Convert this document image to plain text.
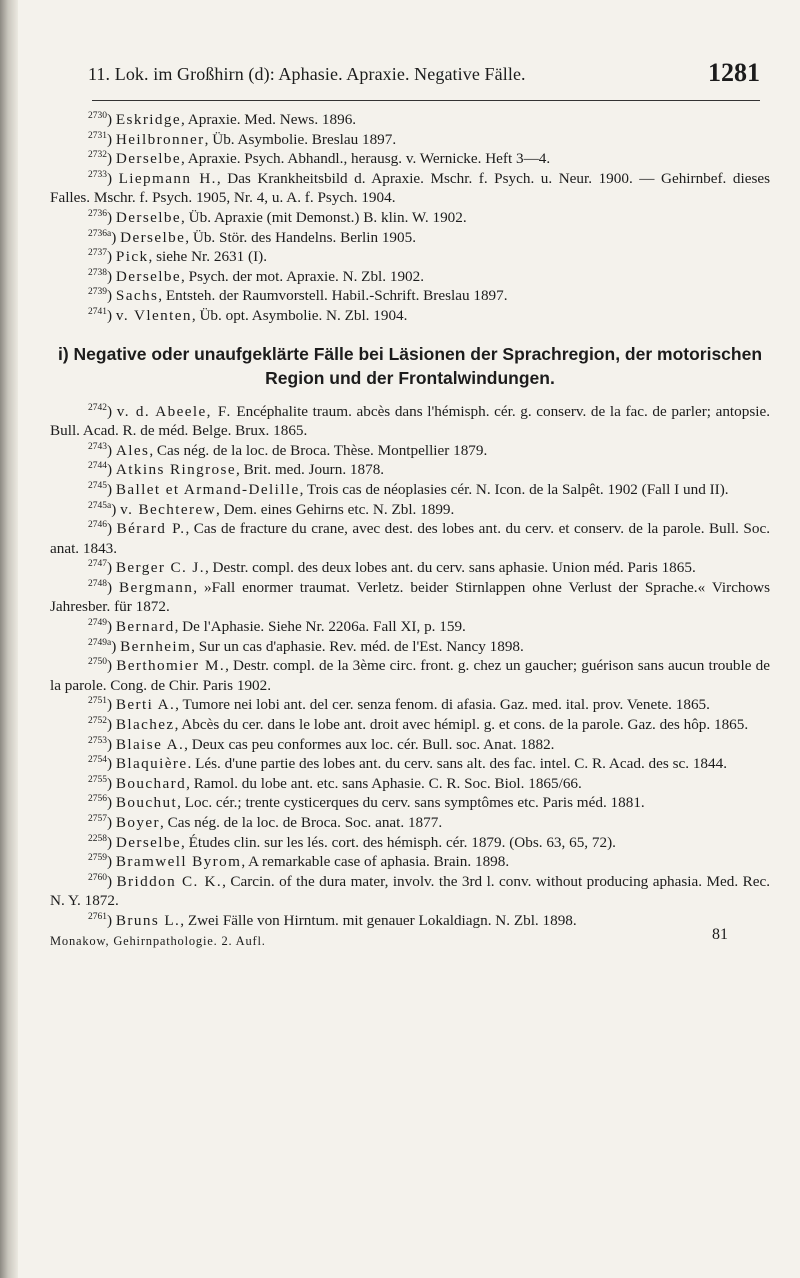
11. Lok. im Großhirn (d): Aphasie. Apraxie. Negative Fälle.	1281

$^{2730}$) Eskridge, Apraxie. Med. News. 1896.

$^{2731}$) Heilbronner, Üb. Asymbolie. Breslau 1897.

$^{2732}$) Derselbe, Apraxie. Psych. Abhandl., herausg. v. Wernicke. Heft 3—4.

$^{2733}$) Liepmann H., Das Krankheitsbild d. Apraxie. Mschr. f. Psych. u. Neur. 1900. — Gehirnbef. dieses Falles. Mschr. f. Psych. 1905, Nr. 4, u. A. f. Psych. 1904.

$^{2736}$) Derselbe, Üb. Apraxie (mit Demonst.) B. klin. W. 1902.

$^{2736a}$) Derselbe, Üb. Stör. des Handelns. Berlin 1905.

$^{2737}$) Pick, siehe Nr. 2631 (I).

$^{2738}$) Derselbe, Psych. der mot. Apraxie. N. Zbl. 1902.

$^{2739}$) Sachs, Entsteh. der Raumvorstell. Habil.-Schrift. Breslau 1897.

$^{2741}$) v. Vlenten, Üb. opt. Asymbolie. N. Zbl. 1904.

i) Negative oder unaufgeklärte Fälle bei Läsionen der Sprachregion, der motorischen Region und der Frontalwindungen.

$^{2742}$) v. d. Abeele, F. Encéphalite traum. abcès dans l'hémisph. cér. g. conserv. de la fac. de parler; antopsie. Bull. Acad. R. de méd. Belge. Brux. 1865.

$^{2743}$) Ales, Cas nég. de la loc. de Broca. Thèse. Montpellier 1879.

$^{2744}$) Atkins Ringrose, Brit. med. Journ. 1878.

$^{2745}$) Ballet et Armand-Delille, Trois cas de néoplasies cér. N. Icon. de la Salpêt. 1902 (Fall I und II).

$^{2745a}$) v. Bechterew, Dem. eines Gehirns etc. N. Zbl. 1899.

$^{2746}$) Bérard P., Cas de fracture du crane, avec dest. des lobes ant. du cerv. et conserv. de la parole. Bull. Soc. anat. 1843.

$^{2747}$) Berger C. J., Destr. compl. des deux lobes ant. du cerv. sans aphasie. Union méd. Paris 1865.

$^{2748}$) Bergmann, »Fall enormer traumat. Verletz. beider Stirnlappen ohne Verlust der Sprache.« Virchows Jahresber. für 1872.

$^{2749}$) Bernard, De l'Aphasie. Siehe Nr. 2206a. Fall XI, p. 159.

$^{2749a}$) Bernheim, Sur un cas d'aphasie. Rev. méd. de l'Est. Nancy 1898.

$^{2750}$) Berthomier M., Destr. compl. de la 3ème circ. front. g. chez un gaucher; guérison sans aucun trouble de la parole. Cong. de Chir. Paris 1902.

$^{2751}$) Berti A., Tumore nei lobi ant. del cer. senza fenom. di afasia. Gaz. med. ital. prov. Venete. 1865.

$^{2752}$) Blachez, Abcès du cer. dans le lobe ant. droit avec hémipl. g. et cons. de la parole. Gaz. des hôp. 1865.

$^{2753}$) Blaise A., Deux cas peu conformes aux loc. cér. Bull. soc. Anat. 1882.

$^{2754}$) Blaquière. Lés. d'une partie des lobes ant. du cerv. sans alt. des fac. intel. C. R. Acad. des sc. 1844.

$^{2755}$) Bouchard, Ramol. du lobe ant. etc. sans Aphasie. C. R. Soc. Biol. 1865/66.

$^{2756}$) Bouchut, Loc. cér.; trente cysticerques du cerv. sans symptômes etc. Paris méd. 1881.

$^{2757}$) Boyer, Cas nég. de la loc. de Broca. Soc. anat. 1877.

$^{2258}$) Derselbe, Études clin. sur les lés. cort. des hémisph. cér. 1879. (Obs. 63, 65, 72).

$^{2759}$) Bramwell Byrom, A remarkable case of aphasia. Brain. 1898.

$^{2760}$) Briddon C. K., Carcin. of the dura mater, involv. the 3rd l. conv. without producing aphasia. Med. Rec. N. Y. 1872.

$^{2761}$) Bruns L., Zwei Fälle von Hirntum. mit genauer Lokaldiagn. N. Zbl. 1898.

Monakow, Gehirnpathologie. 2. Aufl.	81
